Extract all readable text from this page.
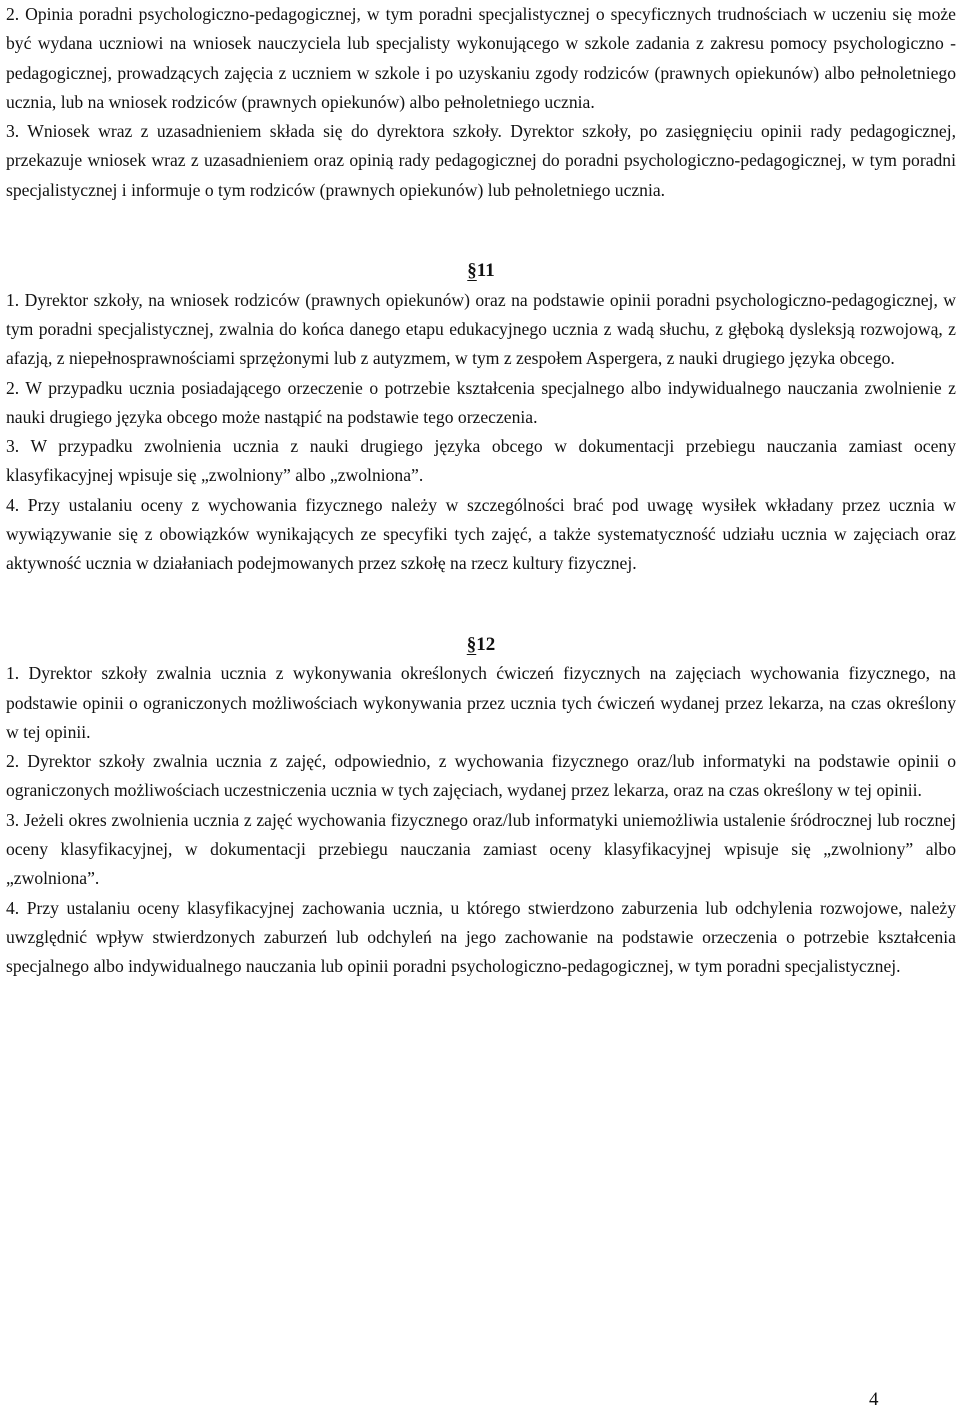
2. Opinia poradni psychologiczno-pedagogicznej, w tym poradni specjalistycznej o specyficznych trudnościach w uczeniu się może być wydana uczniowi na wniosek nauczyciela lub specjalisty wykonującego w szkole zadania z zakresu pomocy psychologiczno -pedagogicznej, prowadzących zajęcia z uczniem w szkole i po uzyskaniu zgody rodziców (prawnych opiekunów) albo pełnoletniego ucznia, lub na wniosek rodziców (prawnych opiekunów) albo pełnoletniego ucznia.

3. Wniosek wraz z uzasadnieniem składa się do dyrektora szkoły. Dyrektor szkoły, po zasięgnięciu opinii rady pedagogicznej, przekazuje wniosek wraz z uzasadnieniem oraz opinią rady pedagogicznej do poradni psychologiczno-pedagogicznej, w tym poradni specjalistycznej i informuje o tym rodziców (prawnych opiekunów) lub pełnoletniego ucznia.

§11

1. Dyrektor szkoły, na wniosek rodziców (prawnych opiekunów) oraz na podstawie opinii poradni psychologiczno-pedagogicznej, w tym poradni specjalistycznej, zwalnia do końca danego etapu edukacyjnego ucznia z wadą słuchu, z głęboką dysleksją rozwojową, z afazją, z niepełnosprawnościami sprzężonymi lub z autyzmem, w tym z zespołem Aspergera, z nauki drugiego języka obcego.

2. W przypadku ucznia posiadającego orzeczenie o potrzebie kształcenia specjalnego albo indywidualnego nauczania zwolnienie z nauki drugiego języka obcego może nastąpić na podstawie tego orzeczenia.

3. W przypadku zwolnienia ucznia z nauki drugiego języka obcego w dokumentacji przebiegu nauczania zamiast oceny klasyfikacyjnej wpisuje się „zwolniony” albo „zwolniona”.

4. Przy ustalaniu oceny z wychowania fizycznego należy w szczególności brać pod uwagę wysiłek wkładany przez ucznia w wywiązywanie się z obowiązków wynikających ze specyfiki tych zajęć, a także systematyczność udziału ucznia w zajęciach oraz aktywność ucznia w działaniach podejmowanych przez szkołę na rzecz kultury fizycznej.

§12

1. Dyrektor szkoły zwalnia ucznia z wykonywania określonych ćwiczeń fizycznych na zajęciach wychowania fizycznego, na podstawie opinii o ograniczonych możliwościach wykonywania przez ucznia tych ćwiczeń wydanej przez lekarza, na czas określony w tej opinii.

2. Dyrektor szkoły zwalnia ucznia z zajęć, odpowiednio, z wychowania fizycznego oraz/lub informatyki na podstawie opinii o ograniczonych możliwościach uczestniczenia ucznia w tych zajęciach, wydanej przez lekarza, oraz na czas określony w tej opinii.

3. Jeżeli okres zwolnienia ucznia z zajęć wychowania fizycznego oraz/lub informatyki uniemożliwia ustalenie śródrocznej lub rocznej oceny klasyfikacyjnej, w dokumentacji przebiegu nauczania zamiast oceny klasyfikacyjnej wpisuje się „zwolniony” albo „zwolniona”.

4. Przy ustalaniu oceny klasyfikacyjnej zachowania ucznia, u którego stwierdzono zaburzenia lub odchylenia rozwojowe, należy uwzględnić wpływ stwierdzonych zaburzeń lub odchyleń na jego zachowanie na podstawie orzeczenia o potrzebie kształcenia specjalnego albo indywidualnego nauczania lub opinii poradni psychologiczno-pedagogicznej, w tym poradni specjalistycznej.

4
